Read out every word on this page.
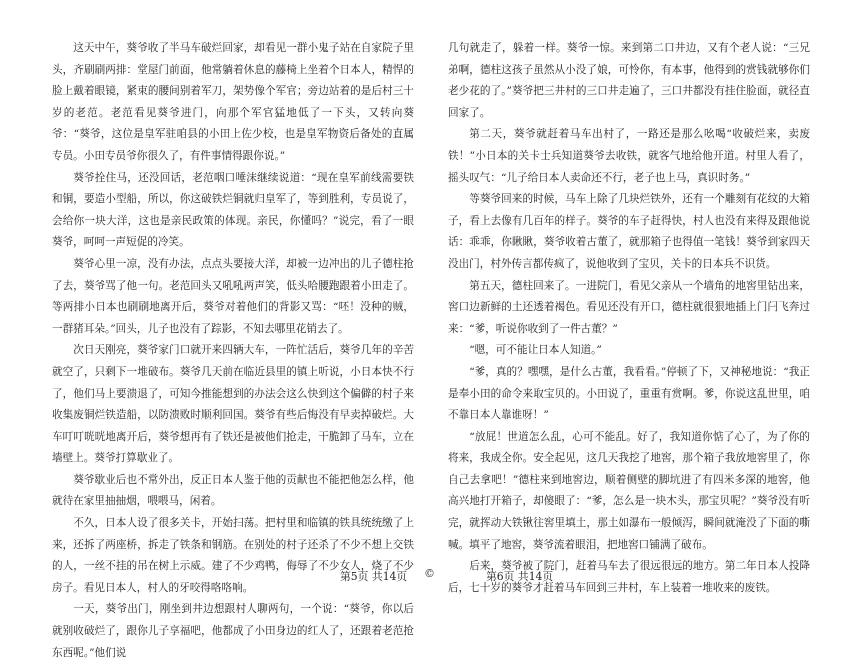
这天中午，葵爷收了半马车破烂回家，却看见一群小鬼子站在自家院子里头，齐刷刷两排：堂屋门前面，他常躺着休息的藤椅上坐着个日本人，精悍的脸上戴着眼镜，紧束的腰间别着军刀，架势像个军官；旁边站着的是后村三十岁的老范。老范看见葵爷进门，向那个军官猛地低了一下头，又转向葵爷：“葵爷，这位是皇军驻咱县的小田上佐少校，也是皇军物资后备处的直属专员。小田专员爷你很久了，有件事情得跟你说。”

葵爷拴住马，还没回话，老范咽口唾沫继续说道：“现在皇军前线需要铁和铜，要造小型船，所以，你这破铁烂铜就归皇军了，等到胜利，专员说了，会给你一块大洋，这也是亲民政策的体现。亲民，你懂吗？”说完，看了一眼葵爷，呵呵一声短促的冷笑。

葵爷心里一凉，没有办法，点点头要接大洋，却被一边冲出的儿子德柱抢了去，葵爷骂了他一句。老范回头又吼吼两声笑，低头哈腰跑跟着小田走了。等两排小日本也刷刷地离开后，葵爷对着他们的背影又骂：“呸！没种的贼，一群猪耳朵。”回头，儿子也没有了踪影，不知去哪里花销去了。

次日天刚亮，葵爷家门口就开来四辆大车，一阵忙活后，葵爷几年的辛苦就空了，只剩下一堆破布。葵爷几天前在临近县里的镇上听说，小日本快不行了，他们马上要溃退了，可知今推能想到的办法会这么快到这个偏僻的村子来收集废铜烂铁造船，以防溃败时顺利回国。葵爷有些后悔没有早卖掉破烂。大车叮叮咣咣地离开后，葵爷想再有了铁还是被他们抢走，干脆卸了马车，立在墙壁上。葵爷打算歇业了。

葵爷歇业后也不常外出，反正日本人鉴于他的贡献也不能把他怎么样，他就待在家里抽抽烟，喂喂马，闲着。

不久，日本人设了很多关卡，开始扫荡。把村里和临镇的铁具统统缴了上来，还拆了两座桥，拆走了铁条和钢筋。在别处的村子还杀了不少不想上交铁的人，一丝不挂的吊在树上示威。建了不少鸡鸭，侮辱了不少女人，烧了不少房子。看见日本人，村人的牙咬得咯咯响。

一天，葵爷出门，刚坐到井边想跟村人聊两句，一个说：“葵爷，你以后就别收破烂了，跟你儿子享福吧，他都成了小田身边的红人了，还跟着老范抢东西呢。”他们说

几句就走了，躲着一样。葵爷一惊。来到第二口井边，又有个老人说：“三兄弟啊，德柱这孩子虽然从小没了娘，可怜你，有本事，他得到的赏钱就够你们老少花的了。”葵爷把三井村的三口井走遍了，三口井都没有挂住脸面，就径直回家了。

第二天，葵爷就赶着马车出村了，一路还是那么吆喝“收破烂来，卖废铁！”小日本的关卡士兵知道葵爷去收铁，就客气地给他开道。村里人看了，摇头叹气：“儿子给日本人卖命还不行，老子也上马，真识时务。”

等葵爷回来的时候，马车上除了几块烂铁外，还有一个雕刻有花纹的大箱子，看上去像有几百年的样子。葵爷的车子赶得快，村人也没有来得及跟他说话：乖乖，你瞅瞅，葵爷收着古董了，就那箱子也得值一笔钱！葵爷到家四天没出门，村外传言都传疯了，说他收到了宝贝，关卡的日本兵不识货。

第五天，德柱回来了。一进院门，看见父亲从一个墙角的地窖里钻出来，窖口边新鲜的土还透着褐色。看见还没有开口，德柱就很狠地插上门闩飞奔过来：“爹，听说你收到了一件古董？”

“嗯，可不能让日本人知道。”

“爹，真的？嘿嘿，是什么古董，我看看。”停顿了下，又神秘地说：“我正是奉小田的命令来取宝贝的。小田说了，重重有赏啊。爹，你说这乱世里，咱不靠日本人靠谁呀！”

“放屁！世道怎么乱，心可不能乱。好了，我知道你惦了心了，为了你的将来，我成全你。安全起见，这几天我挖了地窖，那个箱子我放地窖里了，你自己去拿吧！”德柱来到地窖边，顺着侧壁的脚坑进了有四米多深的地窖，他高兴地打开箱子，却傻眼了：“爹，怎么是一块木头，那宝贝呢？”葵爷没有听完，就挥动大铁锹往窖里填土，那土如瀑布一般倾泻，瞬间就淹没了下面的嘶喊。填平了地窖，葵爷流着眼泪，把地窖口铺满了破布。

后来，葵爷被了院门，赶着马车去了很远很远的地方。第二年日本人投降后，七十岁的葵爷才赶着马车回到三井村，车上装着一堆收来的废铁。

第5页 共14页 ©	第6页 共14页
